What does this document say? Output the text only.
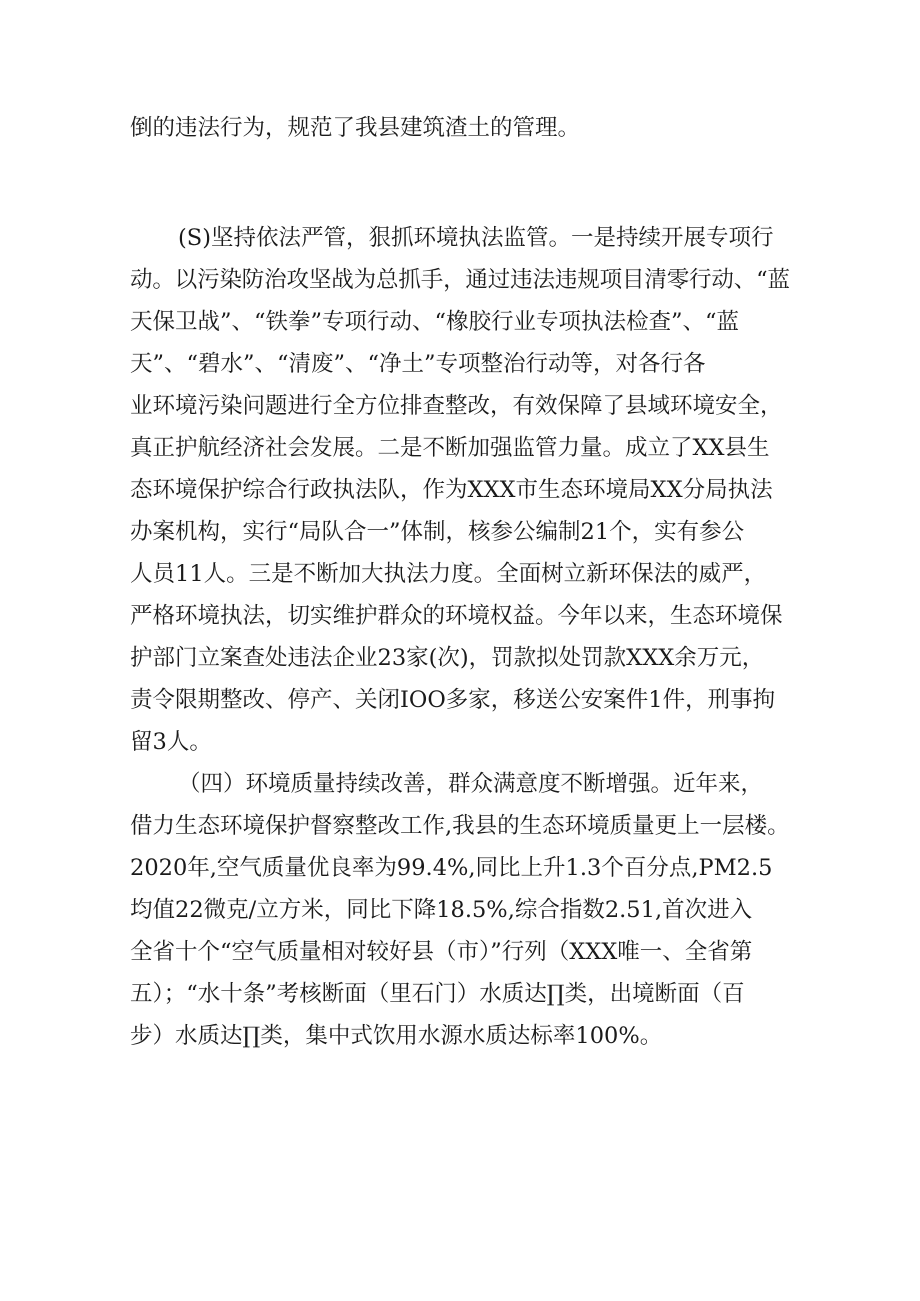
倒的违法行为，规范了我县建筑渣土的管理。
(S)坚持依法严管，狠抓环境执法监管。一是持续开展专项行
动。以污染防治攻坚战为总抓手，通过违法违规项目清零行动、“蓝
天保卫战”、“铁拳”专项行动、“橡胶行业专项执法检查”、“蓝
天”、“碧水”、“清废”、“净土”专项整治行动等，对各行各
业环境污染问题进行全方位排查整改，有效保障了县域环境安全，
真正护航经济社会发展。二是不断加强监管力量。成立了XX县生
态环境保护综合行政执法队，作为XXX市生态环境局XX分局执法
办案机构，实行“局队合一”体制，核参公编制21个，实有参公
人员11人。三是不断加大执法力度。全面树立新环保法的威严，
严格环境执法，切实维护群众的环境权益。今年以来，生态环境保
护部门立案查处违法企业23家(次)，罚款拟处罚款XXX余万元，
责令限期整改、停产、关闭IOO多家，移送公安案件1件，刑事拘
留3人。
（四）环境质量持续改善，群众满意度不断增强。近年来，
借力生态环境保护督察整改工作,我县的生态环境质量更上一层楼。
2020年,空气质量优良率为99.4%,同比上升1.3个百分点,PM2.5
均值22微克/立方米，同比下降18.5%,综合指数2.51,首次进入
全省十个“空气质量相对较好县（市）”行列（XXX唯一、全省第
五）；“水十条”考核断面（里石门）水质达∏类，出境断面（百
步）水质达∏类，集中式饮用水源水质达标率100%。
